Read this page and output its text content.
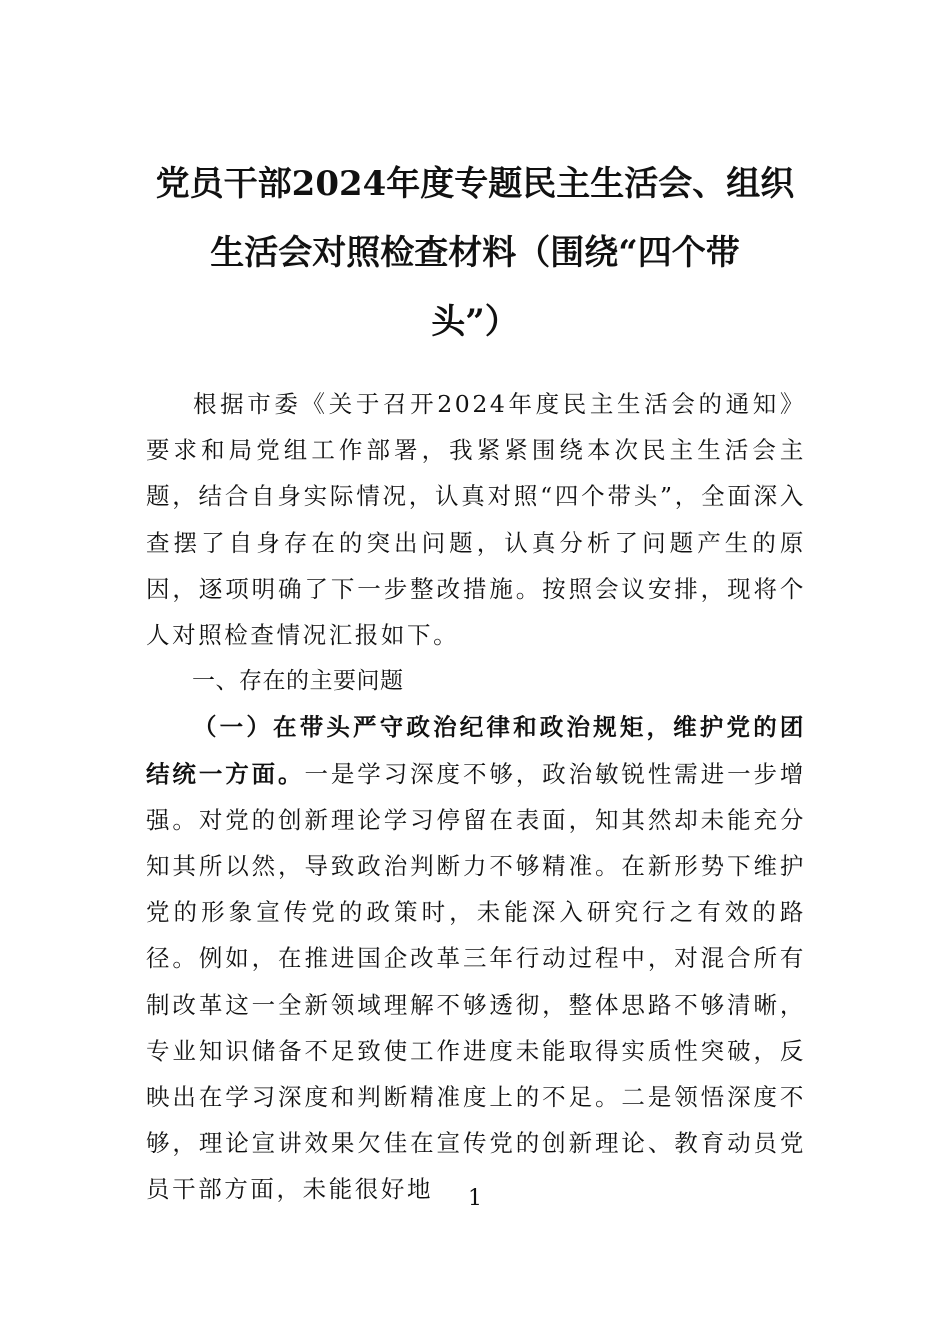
党员干部2024年度专题民主生活会、组织
生活会对照检查材料（围绕“四个带
头”）

根据市委《关于召开2024年度民主生活会的通知》要求和局党组工作部署，我紧紧围绕本次民主生活会主题，结合自身实际情况，认真对照“四个带头”，全面深入查摆了自身存在的突出问题，认真分析了问题产生的原因，逐项明确了下一步整改措施。按照会议安排，现将个人对照检查情况汇报如下。

一、存在的主要问题

（一）在带头严守政治纪律和政治规矩，维护党的团结统一方面。一是学习深度不够，政治敏锐性需进一步增强。对党的创新理论学习停留在表面，知其然却未能充分知其所以然，导致政治判断力不够精准。在新形势下维护党的形象宣传党的政策时，未能深入研究行之有效的路径。例如，在推进国企改革三年行动过程中，对混合所有制改革这一全新领域理解不够透彻，整体思路不够清晰，专业知识储备不足致使工作进度未能取得实质性突破，反映出在学习深度和判断精准度上的不足。二是领悟深度不够，理论宣讲效果欠佳在宣传党的创新理论、教育动员党员干部方面，未能很好地	1
